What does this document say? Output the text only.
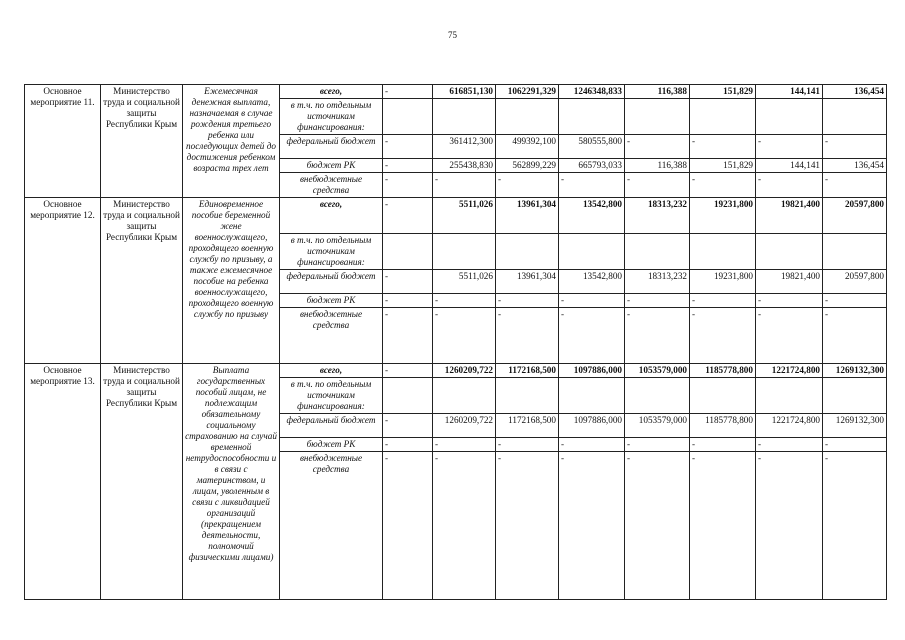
75
Основное мероприятие 11.	Министерство труда и социальной защиты Республики Крым	Ежемесячная денежная выплата, назначаемая в случае рождения третьего ребенка или последующих детей до достижения ребенком возраста трех лет	всего,	-	616851,130	1062291,329	1246348,833	116,388	151,829	144,141	136,454
			в т.ч. по отдельным источникам финансирования:								
			федеральный бюджет	-	361412,300	499392,100	580555,800	-	-	-	-
			бюджет РК	-	255438,830	562899,229	665793,033	116,388	151,829	144,141	136,454
			внебюджетные средства	-	-	-	-	-	-	-	-
Основное мероприятие 12.	Министерство труда и социальной защиты Республики Крым	Единовременное пособие беременной жене военнослужащего, проходящего военную службу по призыву, а также ежемесячное пособие на ребенка военнослужащего, проходящего военную службу по призыву	всего,	-	5511,026	13961,304	13542,800	18313,232	19231,800	19821,400	20597,800
			в т.ч. по отдельным источникам финансирования:								
			федеральный бюджет	-	5511,026	13961,304	13542,800	18313,232	19231,800	19821,400	20597,800
			бюджет РК	-	-	-	-	-	-	-	-
			внебюджетные средства	-	-	-	-	-	-	-	-
Основное мероприятие 13.	Министерство труда и социальной защиты Республики Крым	Выплата государственных пособий лицам, не подлежащим обязательному социальному страхованию на случай временной нетрудоспособности и в связи с материнством, и лицам, уволенным в связи с ликвидацией организаций (прекращением деятельности, полномочий физическими лицами)	всего,	-	1260209,722	1172168,500	1097886,000	1053579,000	1185778,800	1221724,800	1269132,300
			в т.ч. по отдельным источникам финансирования:								
			федеральный бюджет	-	1260209,722	1172168,500	1097886,000	1053579,000	1185778,800	1221724,800	1269132,300
			бюджет РК	-	-	-	-	-	-	-	-
			внебюджетные средства	-	-	-	-	-	-	-	-
